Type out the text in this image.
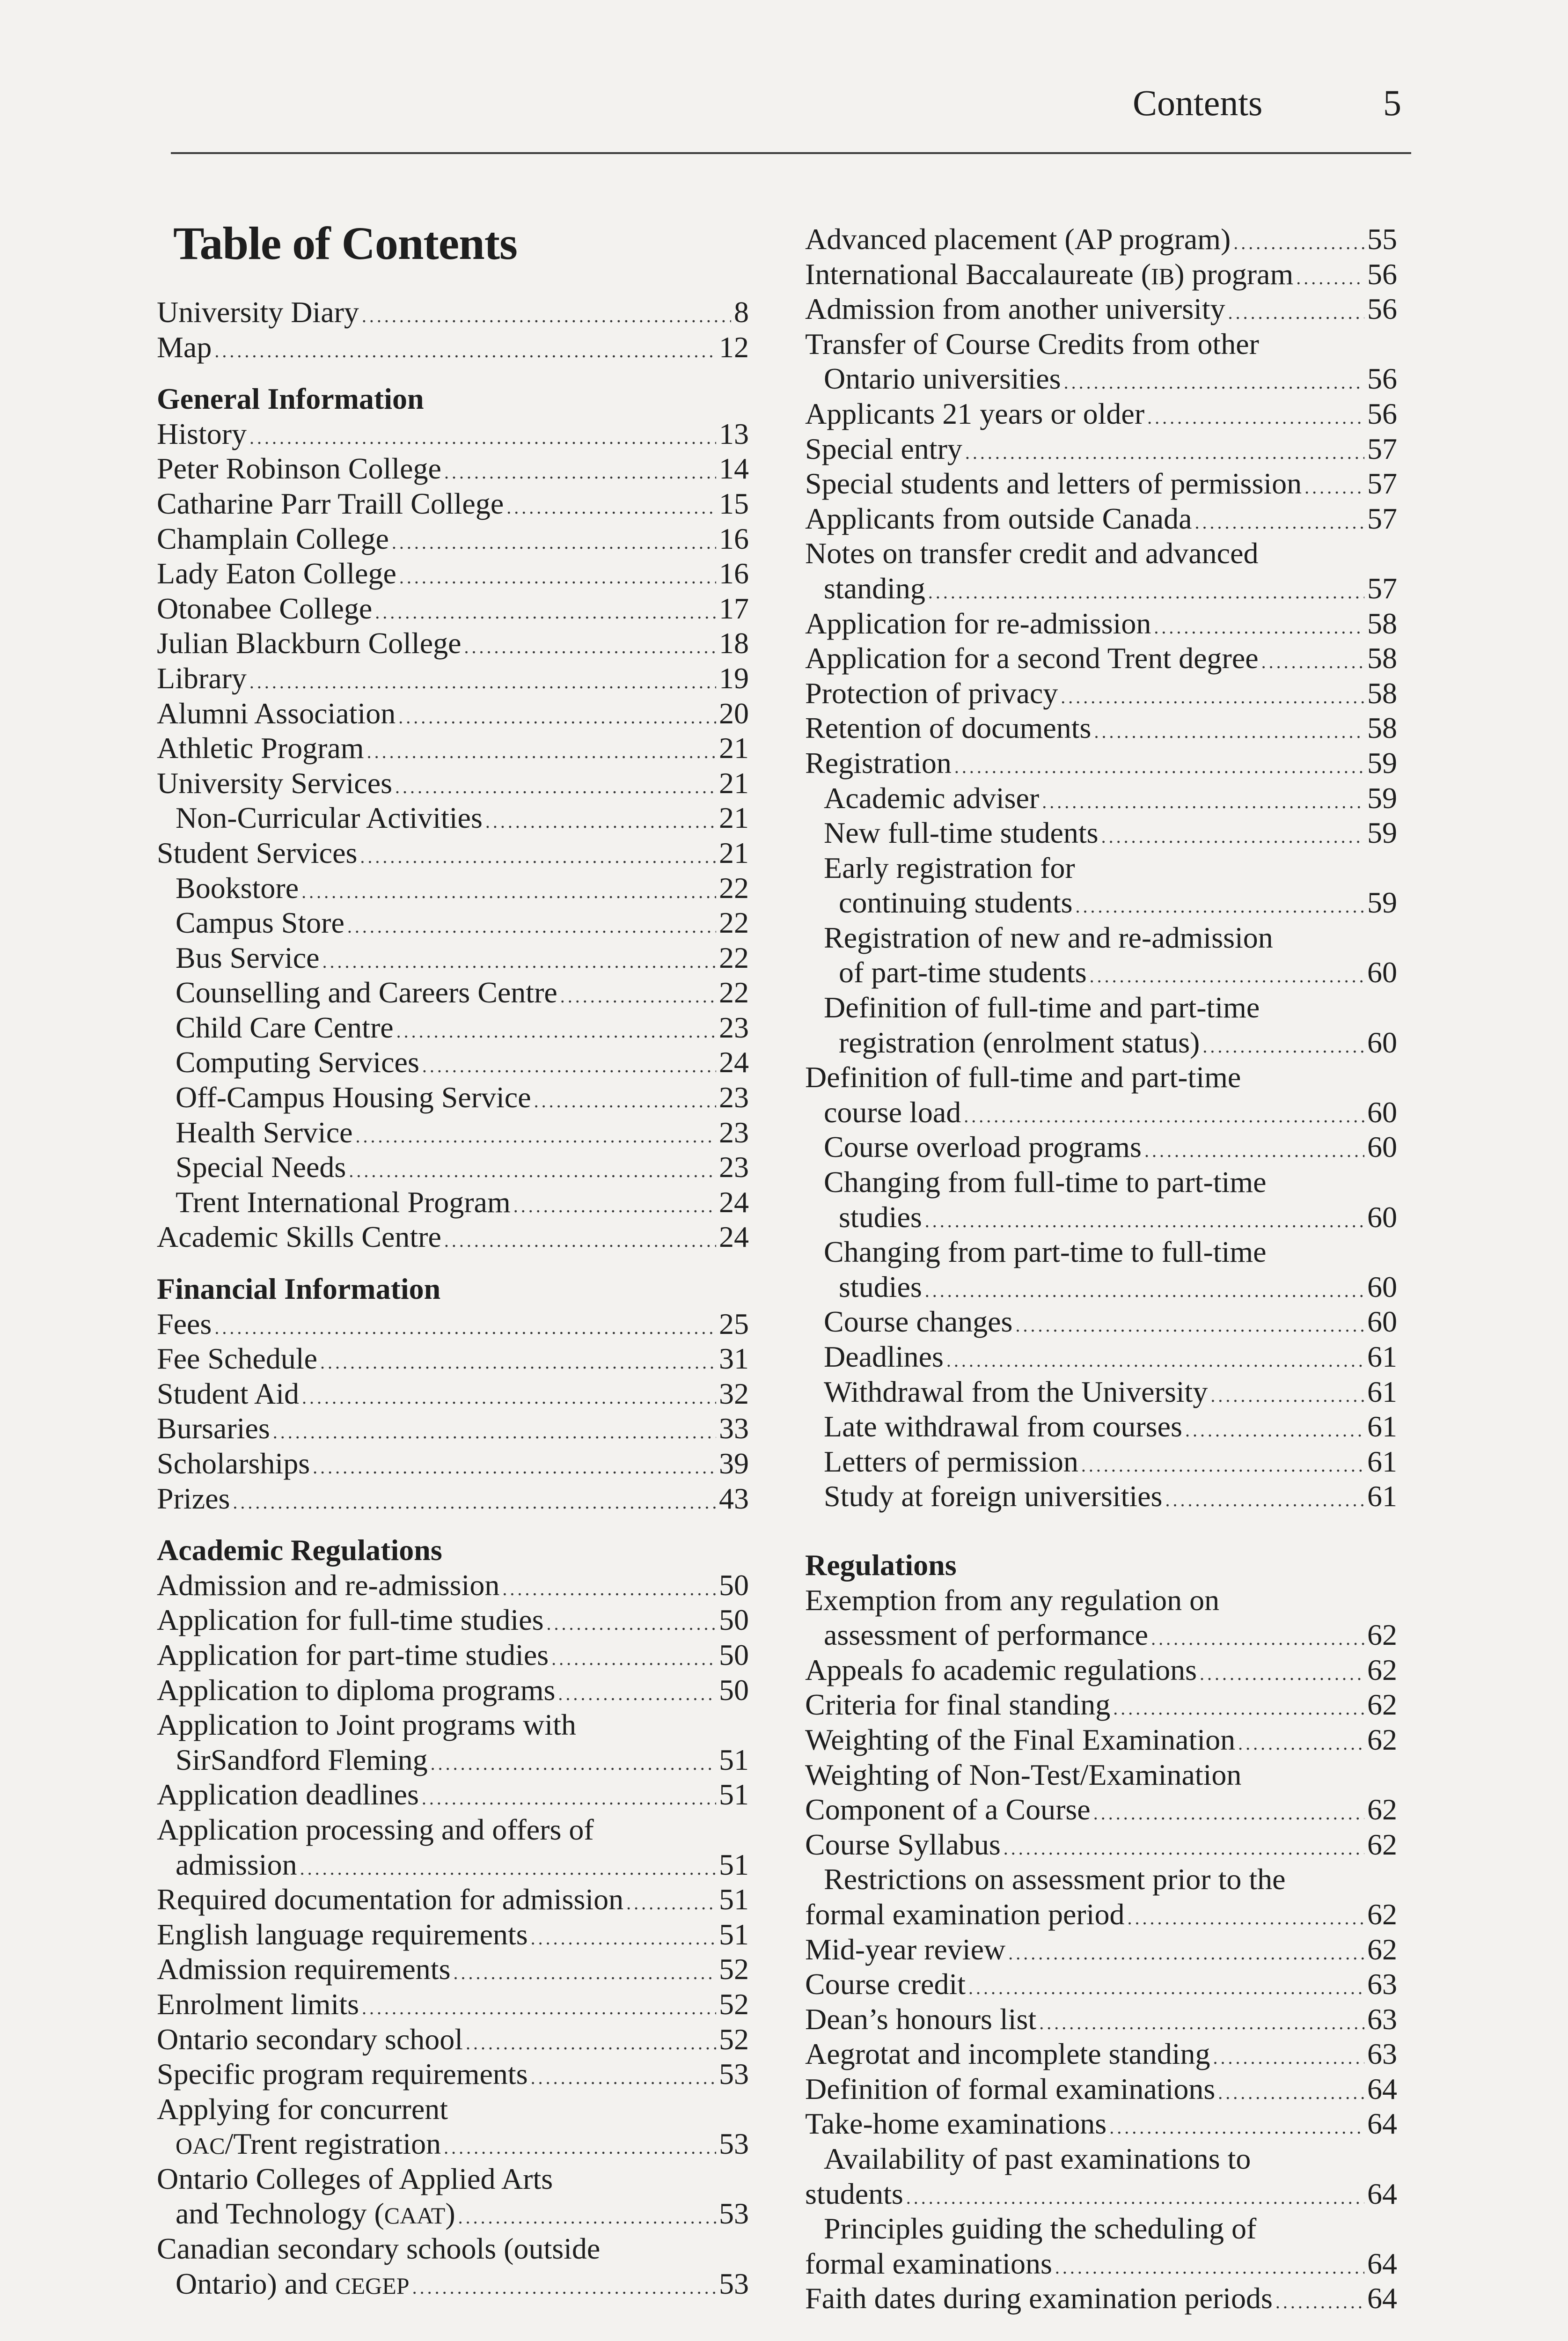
Contents	5
Table of Contents
University Diary .....	8
Map .....	12
General Information
History .....	13
Peter Robinson College .....	14
Catharine Parr Traill College .....	15
Champlain College .....	16
Lady Eaton College .....	16
Otonabee College .....	17
Julian Blackburn College .....	18
Library .....	19
Alumni Association .....	20
Athletic Program .....	21
University Services .....	21
Non-Curricular Activities .....	21
Student Services .....	21
Bookstore .....	22
Campus Store .....	22
Bus Service .....	22
Counselling and Careers Centre .....	22
Child Care Centre .....	23
Computing Services .....	24
Off-Campus Housing Service .....	23
Health Service .....	23
Special Needs .....	23
Trent International Program .....	24
Academic Skills Centre .....	24
Financial Information
Fees .....	25
Fee Schedule .....	31
Student Aid .....	32
Bursaries .....	33
Scholarships .....	39
Prizes .....	43
Academic Regulations
Admission and re-admission .....	50
Application for full-time studies .....	50
Application for part-time studies .....	50
Application to diploma programs .....	50
Application to Joint programs with
SirSandford Fleming .....	51
Application deadlines .....	51
Application processing and offers of
admission .....	51
Required documentation for admission .....	51
English language requirements .....	51
Admission requirements .....	52
Enrolment limits .....	52
Ontario secondary school .....	52
Specific program requirements .....	53
Applying for concurrent
OAC/Trent registration .....	53
Ontario Colleges of Applied Arts
and Technology (CAAT) .....	53
Canadian secondary schools (outside
Ontario) and CEGEP .....	53
Advanced placement (AP program) .....	55
International Baccalaureate (IB) program ..... 56
Admission from another university .....	56
Transfer of Course Credits from other
Ontario universities .....	56
Applicants 21 years or older .....	56
Special entry .....	57
Special students and letters of permission ..... 57
Applicants from outside Canada .....	57
Notes on transfer credit and advanced
standing .....	57
Application for re-admission .....	58
Application for a second Trent degree .....	58
Protection of privacy .....	58
Retention of documents .....	58
Registration .....	59
Academic adviser .....	59
New full-time students .....	59
Early registration for
continuing students .....	59
Registration of new and re-admission
of part-time students .....	60
Definition of full-time and part-time
registration (enrolment status) .....	60
Definition of full-time and part-time
course load .....	60
Course overload programs .....	60
Changing from full-time to part-time
studies .....	60
Changing from part-time to full-time
studies .....	60
Course changes .....	60
Deadlines .....	61
Withdrawal from the University .....	61
Late withdrawal from courses .....	61
Letters of permission .....	61
Study at foreign universities .....	61
Regulations
Exemption from any regulation on
assessment of performance .....	62
Appeals fo academic regulations .....	62
Criteria for final standing .....	62
Weighting of the Final Examination .....	62
Weighting of Non-Test/Examination
Component of a Course .....	62
Course Syllabus .....	62
Restrictions on assessment prior to the
formal examination period .....	62
Mid-year review .....	62
Course credit .....	63
Dean’s honours list .....	63
Aegrotat and incomplete standing .....	63
Definition of formal examinations .....	64
Take-home examinations .....	64
Availability of past examinations to
students .....	64
Principles guiding the scheduling of
formal examinations .....	64
Faith dates during examination periods .....	64
